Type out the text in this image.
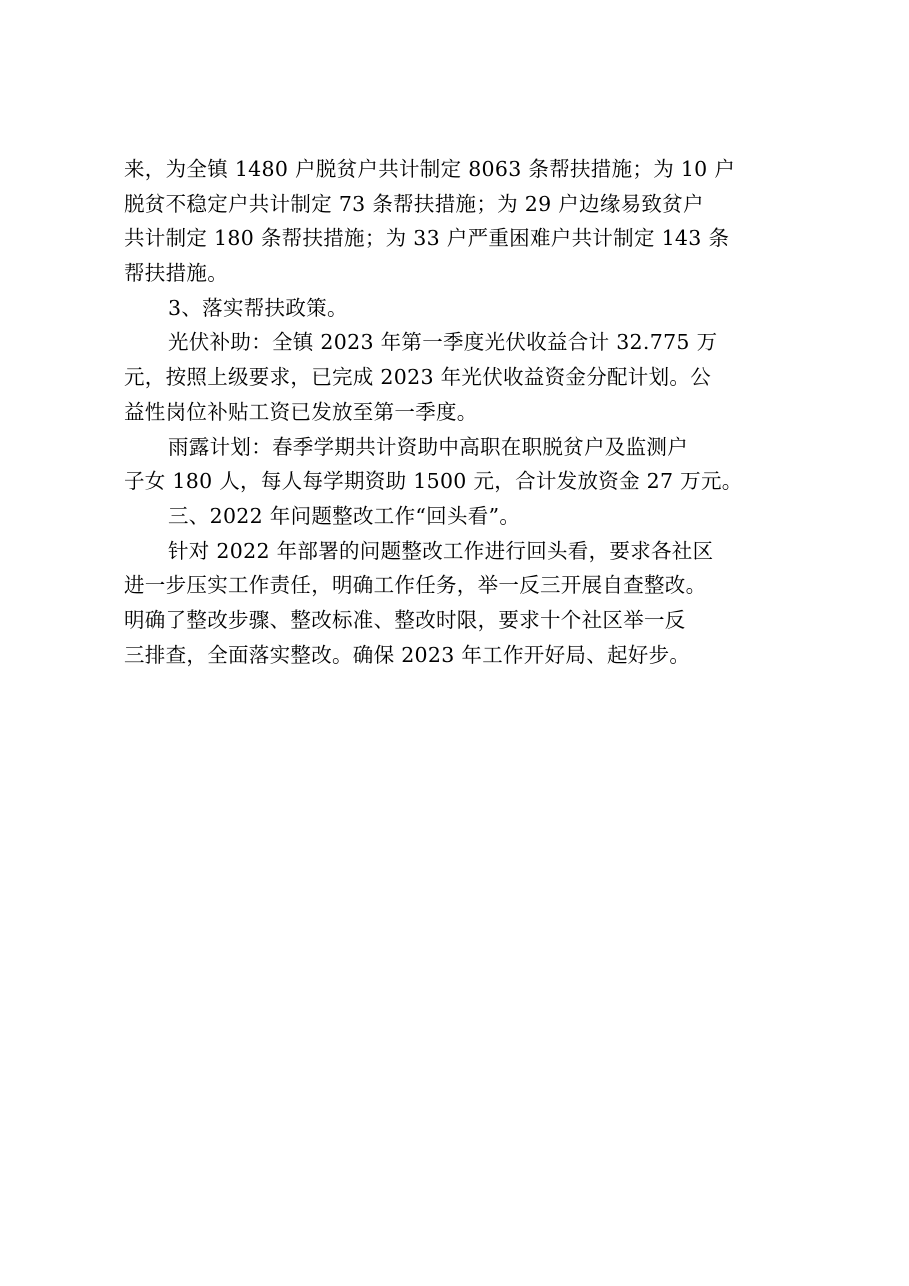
来，为全镇 1480 户脱贫户共计制定 8063 条帮扶措施；为 10 户
脱贫不稳定户共计制定 73 条帮扶措施；为 29 户边缘易致贫户
共计制定 180 条帮扶措施；为 33 户严重困难户共计制定 143 条
帮扶措施。
3、落实帮扶政策。
光伏补助：全镇 2023 年第一季度光伏收益合计 32.775 万
元，按照上级要求，已完成 2023 年光伏收益资金分配计划。公
益性岗位补贴工资已发放至第一季度。
雨露计划：春季学期共计资助中高职在职脱贫户及监测户
子女 180 人，每人每学期资助 1500 元，合计发放资金 27 万元。
三、2022 年问题整改工作“回头看”。
针对 2022 年部署的问题整改工作进行回头看，要求各社区
进一步压实工作责任，明确工作任务，举一反三开展自查整改。
明确了整改步骤、整改标准、整改时限，要求十个社区举一反
三排查，全面落实整改。确保 2023 年工作开好局、起好步。
